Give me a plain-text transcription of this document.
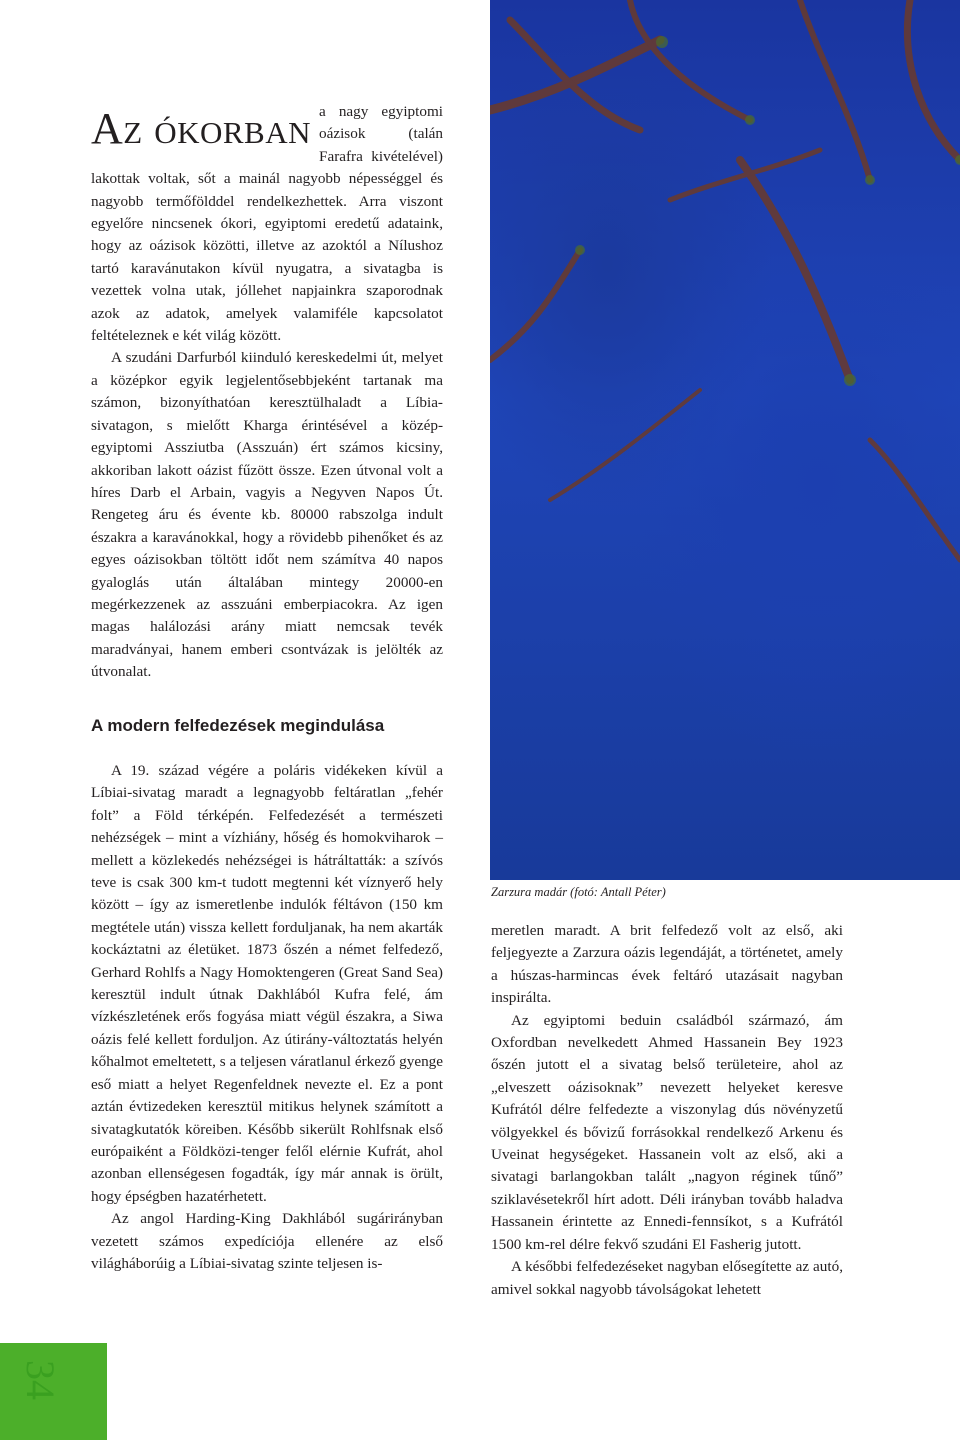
Zarzura madár (fotó: Antall Péter)

Az ókorban a nagy egyiptomi oázisok (talán Farafra kivételével) lakottak voltak, sőt a mainál nagyobb népességgel és nagyobb termőfölddel rendelkezhettek. Arra viszont egyelőre nincsenek ókori, egyiptomi eredetű adataink, hogy az oázisok közötti, illetve az azoktól a Nílushoz tartó karavánutakon kívül nyugatra, a sivatagba is vezettek volna utak, jóllehet napjainkra szaporodnak azok az adatok, amelyek valamiféle kapcsolatot feltételeznek e két világ között.

A szudáni Darfurból kiinduló kereskedelmi út, melyet a középkor egyik legjelentősebbjeként tartanak ma számon, bizonyíthatóan keresztülhaladt a Líbia-sivatagon, s mielőtt Kharga érintésével a közép-egyiptomi Assziutba (Asszuán) ért számos kicsiny, akkoriban lakott oázist fűzött össze. Ezen útvonal volt a híres Darb el Arbain, vagyis a Negyven Napos Út. Rengeteg áru és évente kb. 80000 rabszolga indult északra a karavánokkal, hogy a rövidebb pihenőket és az egyes oázisokban töltött időt nem számítva 40 napos gyaloglás után általában mintegy 20000-en megérkezzenek az asszuáni emberpiacokra. Az igen magas halálozási arány miatt nemcsak tevék maradványai, hanem emberi csontvázak is jelölték az útvonalat.

A modern felfedezések megindulása

A 19. század végére a poláris vidékeken kívül a Líbiai-sivatag maradt a legnagyobb feltáratlan „fehér folt” a Föld térképén. Felfedezését a természeti nehézségek – mint a vízhiány, hőség és homokviharok – mellett a közlekedés nehézségei is hátráltatták: a szívós teve is csak 300 km-t tudott megtenni két víznyerő hely között – így az ismeretlenbe indulók féltávon (150 km megtétele után) vissza kellett forduljanak, ha nem akarták kockáztatni az életüket. 1873 őszén a német felfedező, Gerhard Rohlfs a Nagy Homoktengeren (Great Sand Sea) keresztül indult útnak Dakhlából Kufra felé, ám vízkészletének erős fogyása miatt végül északra, a Siwa oázis felé kellett forduljon. Az útirány-változtatás helyén kőhalmot emeltetett, s a teljesen váratlanul érkező gyenge eső miatt a helyet Regenfeldnek nevezte el. Ez a pont aztán évtizedeken keresztül mitikus helynek számított a sivatagkutatók köreiben. Később sikerült Rohlfsnak első európaiként a Földközi-tenger felől elérnie Kufrát, ahol azonban ellenségesen fogadták, így már annak is örült, hogy épségben hazatérhetett.

Az angol Harding-King Dakhlából sugárirányban vezetett számos expedíciója ellenére az első világháborúig a Líbiai-sivatag szinte teljesen is-

meretlen maradt. A brit felfedező volt az első, aki feljegyezte a Zarzura oázis legendáját, a történetet, amely a húszas-harmincas évek feltáró utazásait nagyban inspirálta.

Az egyiptomi beduin családból származó, ám Oxfordban nevelkedett Ahmed Hassanein Bey 1923 őszén jutott el a sivatag belső területeire, ahol az „elveszett oázisoknak” nevezett helyeket keresve Kufrától délre felfedezte a viszonylag dús növényzetű völgyekkel és bővizű forrásokkal rendelkező Arkenu és Uveinat hegységeket. Hassanein volt az első, aki a sivatagi barlangokban talált „nagyon réginek tűnő” sziklavésetekről hírt adott. Déli irányban tovább haladva Hassanein érintette az Ennedi-fennsíkot, s a Kufrától 1500 km-rel délre fekvő szudáni El Fasherig jutott.

A későbbi felfedezéseket nagyban elősegítette az autó, amivel sokkal nagyobb távolságokat lehetett

34
